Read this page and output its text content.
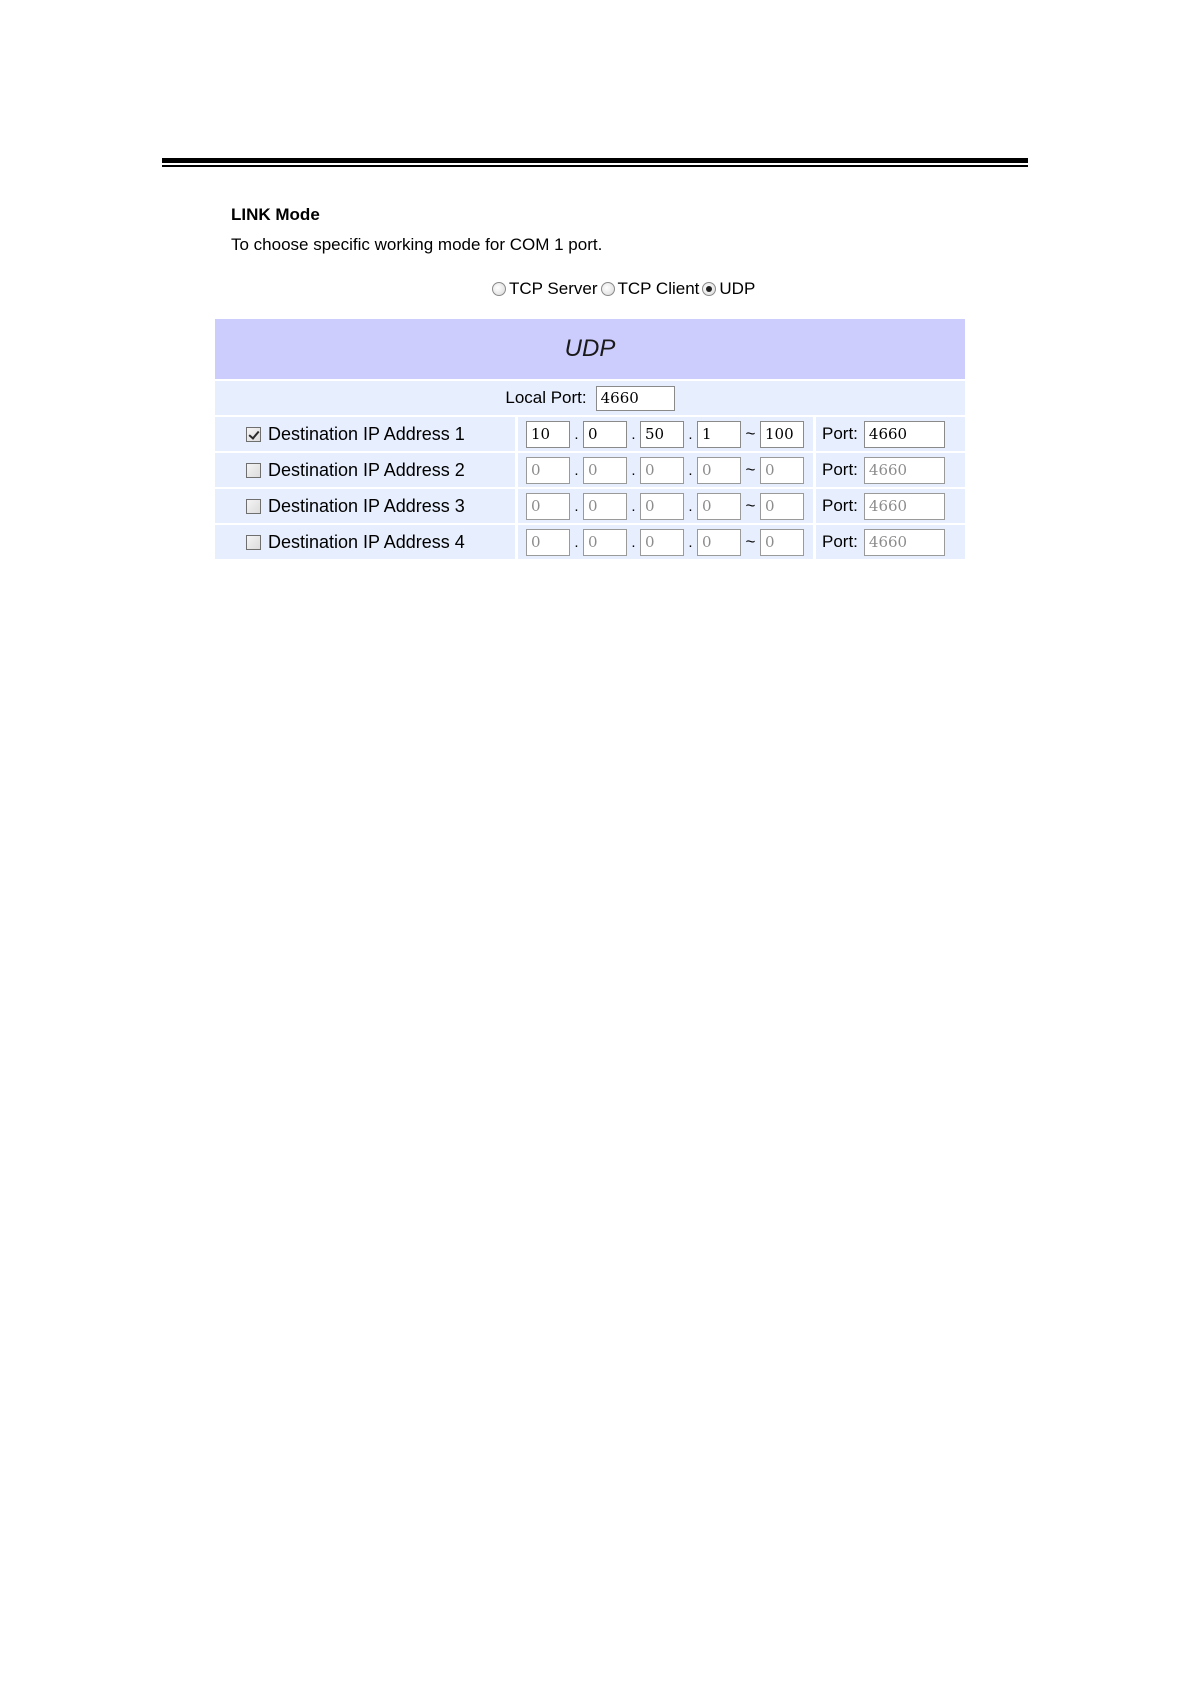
LINK Mode
To choose specific working mode for COM 1 port.
TCP Server TCP Client UDP
UDP
Local Port: 4660
Destination IP Address 1	10	. 0	. 50	. 1	~ 100	Port: 4660
Destination IP Address 2	0	. 0	. 0	. 0	~ 0	Port: 4660
Destination IP Address 3	0	. 0	. 0	. 0	~ 0	Port: 4660
Destination IP Address 4	0	. 0	. 0	. 0	~ 0	Port: 4660
